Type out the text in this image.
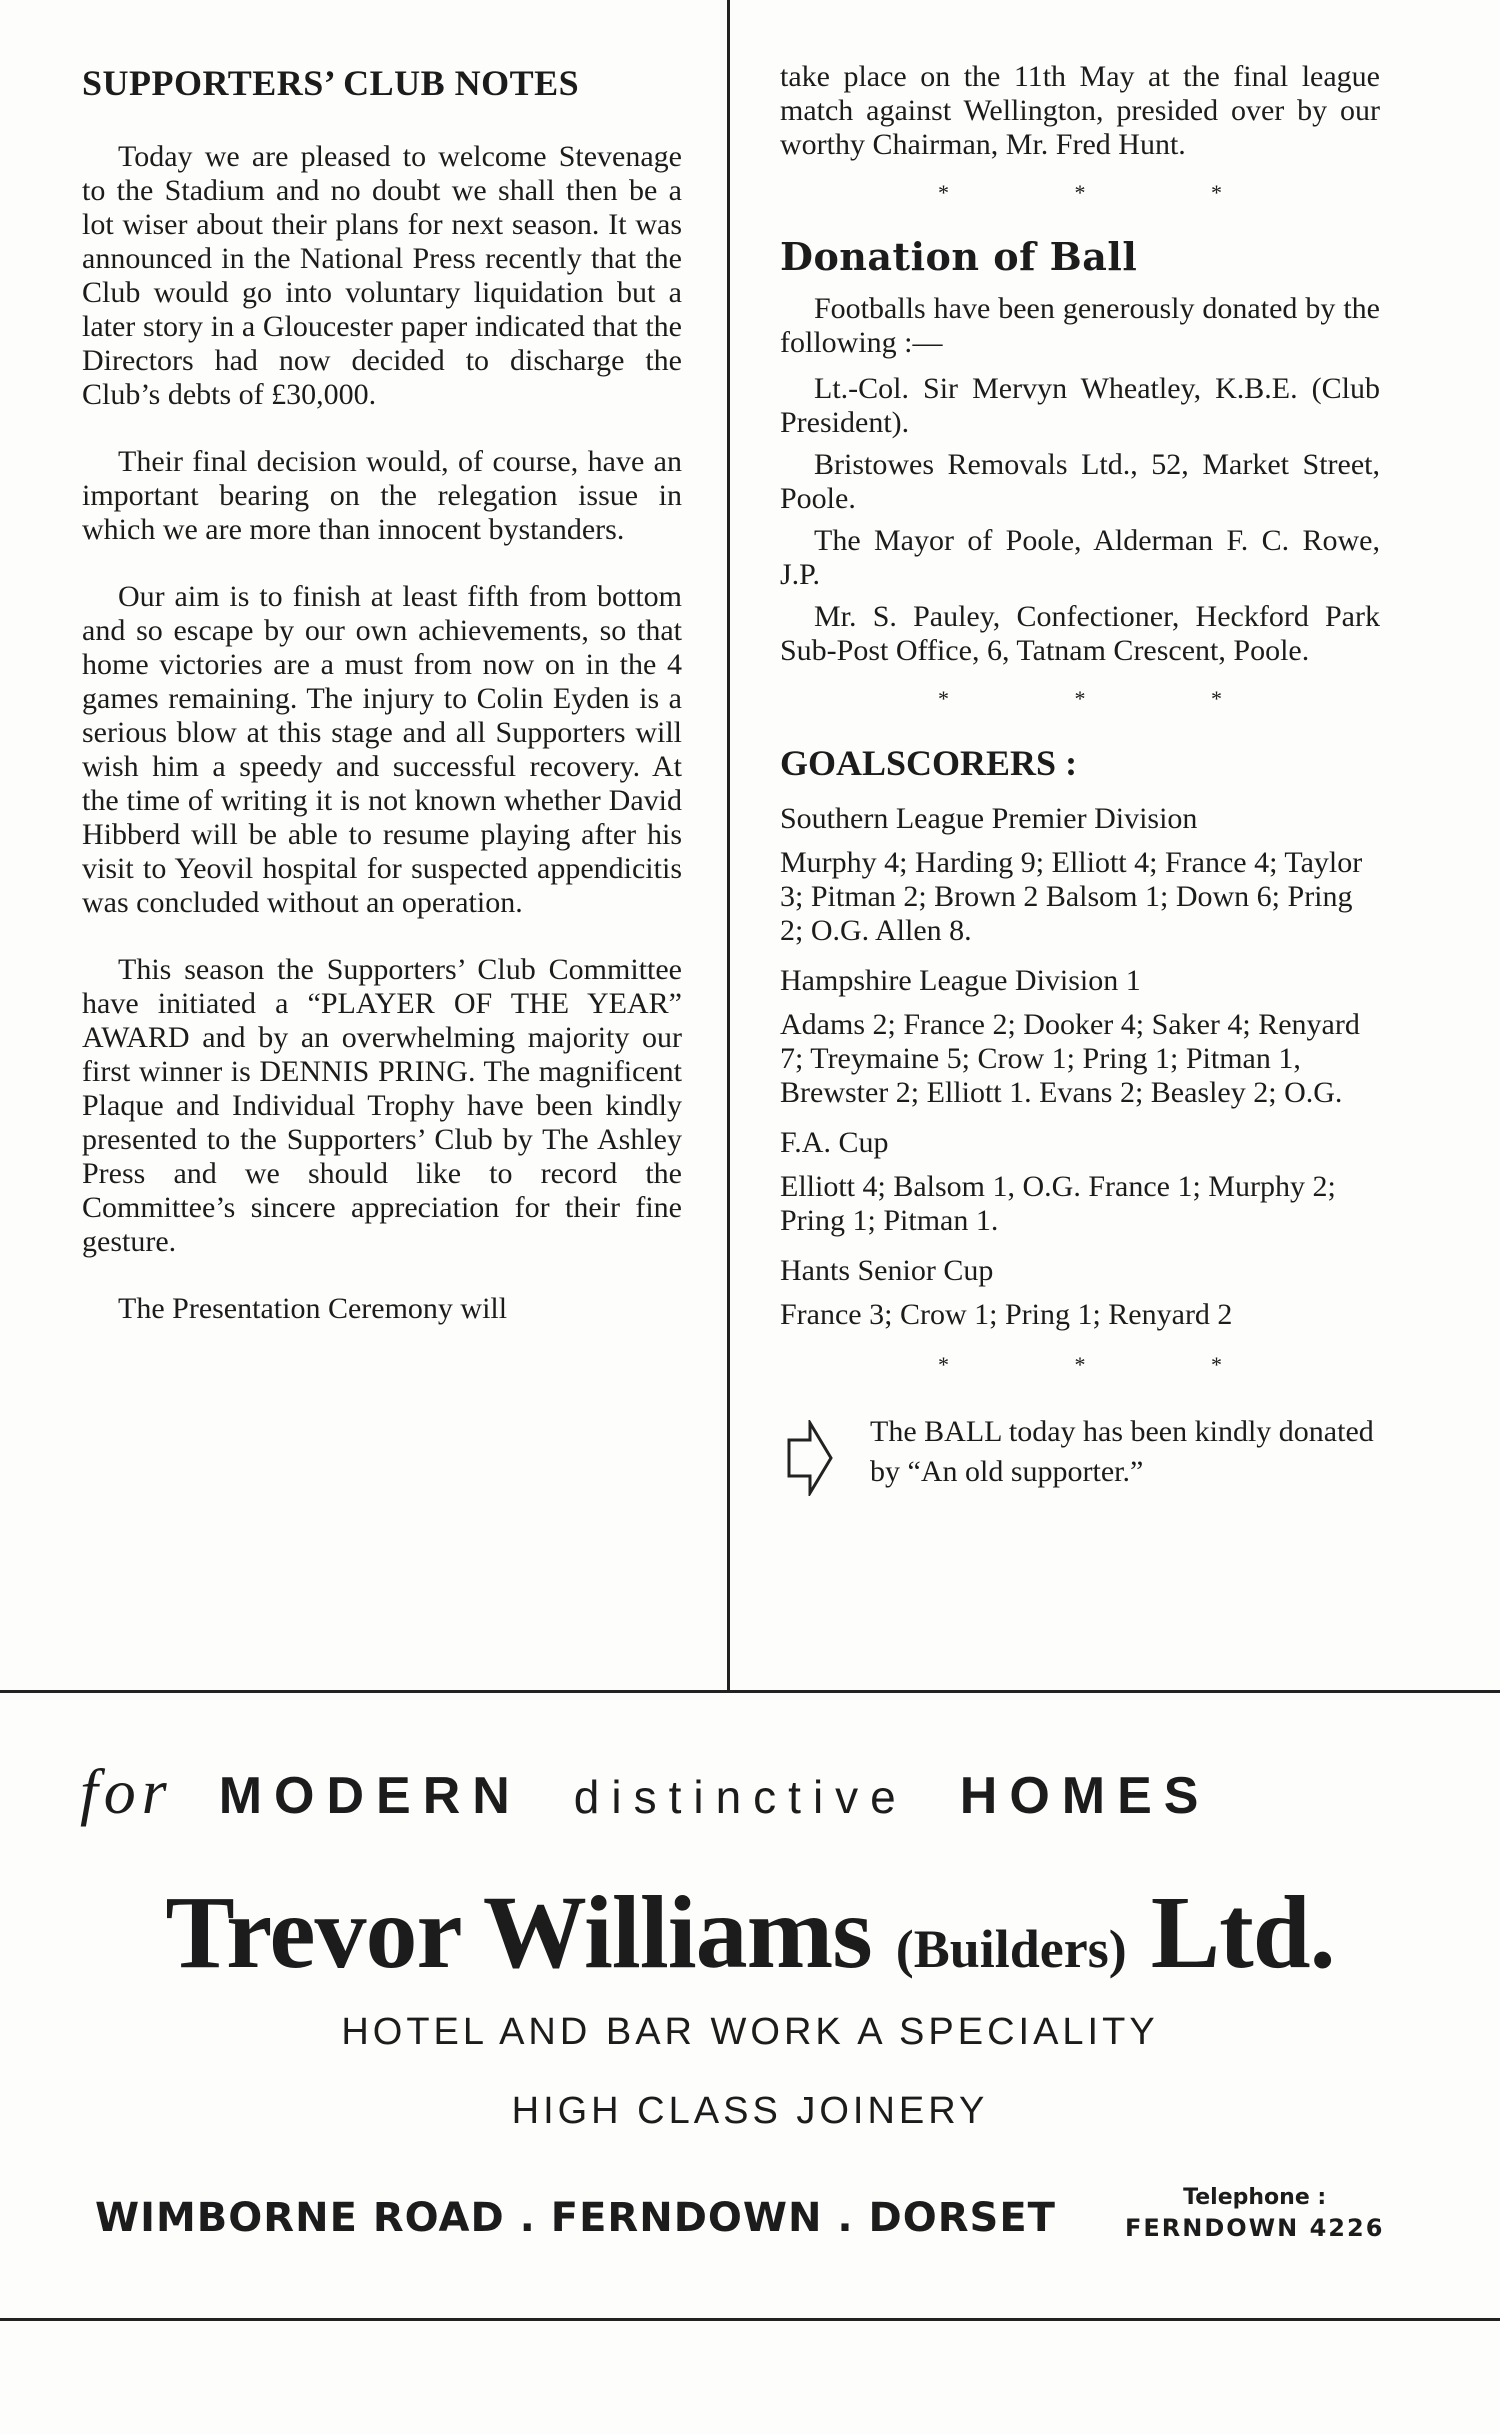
SUPPORTERS’ CLUB NOTES

Today we are pleased to welcome Stevenage to the Stadium and no doubt we shall then be a lot wiser about their plans for next season. It was announced in the National Press recently that the Club would go into voluntary liquidation but a later story in a Gloucester paper indicated that the Directors had now decided to discharge the Club’s debts of £30,000.

Their final decision would, of course, have an important bearing on the relegation issue in which we are more than innocent bystanders.

Our aim is to finish at least fifth from bottom and so escape by our own achievements, so that home victories are a must from now on in the 4 games remaining. The injury to Colin Eyden is a serious blow at this stage and all Supporters will wish him a speedy and successful recovery. At the time of writing it is not known whether David Hibberd will be able to resume playing after his visit to Yeovil hospital for suspected appendicitis was concluded without an operation.

This season the Supporters’ Club Committee have initiated a “PLAYER OF THE YEAR” AWARD and by an overwhelming majority our first winner is DENNIS PRING. The magnificent Plaque and Individual Trophy have been kindly presented to the Supporters’ Club by The Ashley Press and we should like to record the Committee’s sincere appreciation for their fine gesture.

The Presentation Ceremony will

take place on the 11th May at the final league match against Wellington, presided over by our worthy Chairman, Mr. Fred Hunt.

* * *
Donation of Ball

Footballs have been generously donated by the following :—

Lt.-Col. Sir Mervyn Wheatley, K.B.E. (Club President).

Bristowes Removals Ltd., 52, Market Street, Poole.

The Mayor of Poole, Alderman F. C. Rowe, J.P.

Mr. S. Pauley, Confectioner, Heckford Park Sub-Post Office, 6, Tatnam Crescent, Poole.

* * *
GOALSCORERS :

Southern League Premier Division

Murphy 4; Harding 9; Elliott 4; France 4; Taylor 3; Pitman 2; Brown 2 Balsom 1; Down 6; Pring 2; O.G. Allen 8.

Hampshire League Division 1

Adams 2; France 2; Dooker 4; Saker 4; Renyard 7; Treymaine 5; Crow 1; Pring 1; Pitman 1, Brewster 2; Elliott 1. Evans 2; Beasley 2; O.G.

F.A. Cup

Elliott 4; Balsom 1, O.G. France 1; Murphy 2; Pring 1; Pitman 1.

Hants Senior Cup

France 3; Crow 1; Pring 1; Renyard 2

* * *
The BALL today has been kindly donated by “An old supporter.”
for MODERN distinctive HOMES
Trevor Williams (Builders) Ltd.
HOTEL AND BAR WORK A SPECIALITY
HIGH CLASS JOINERY
WIMBORNE ROAD . FERNDOWN . DORSET	Telephone :
FERNDOWN 4226
